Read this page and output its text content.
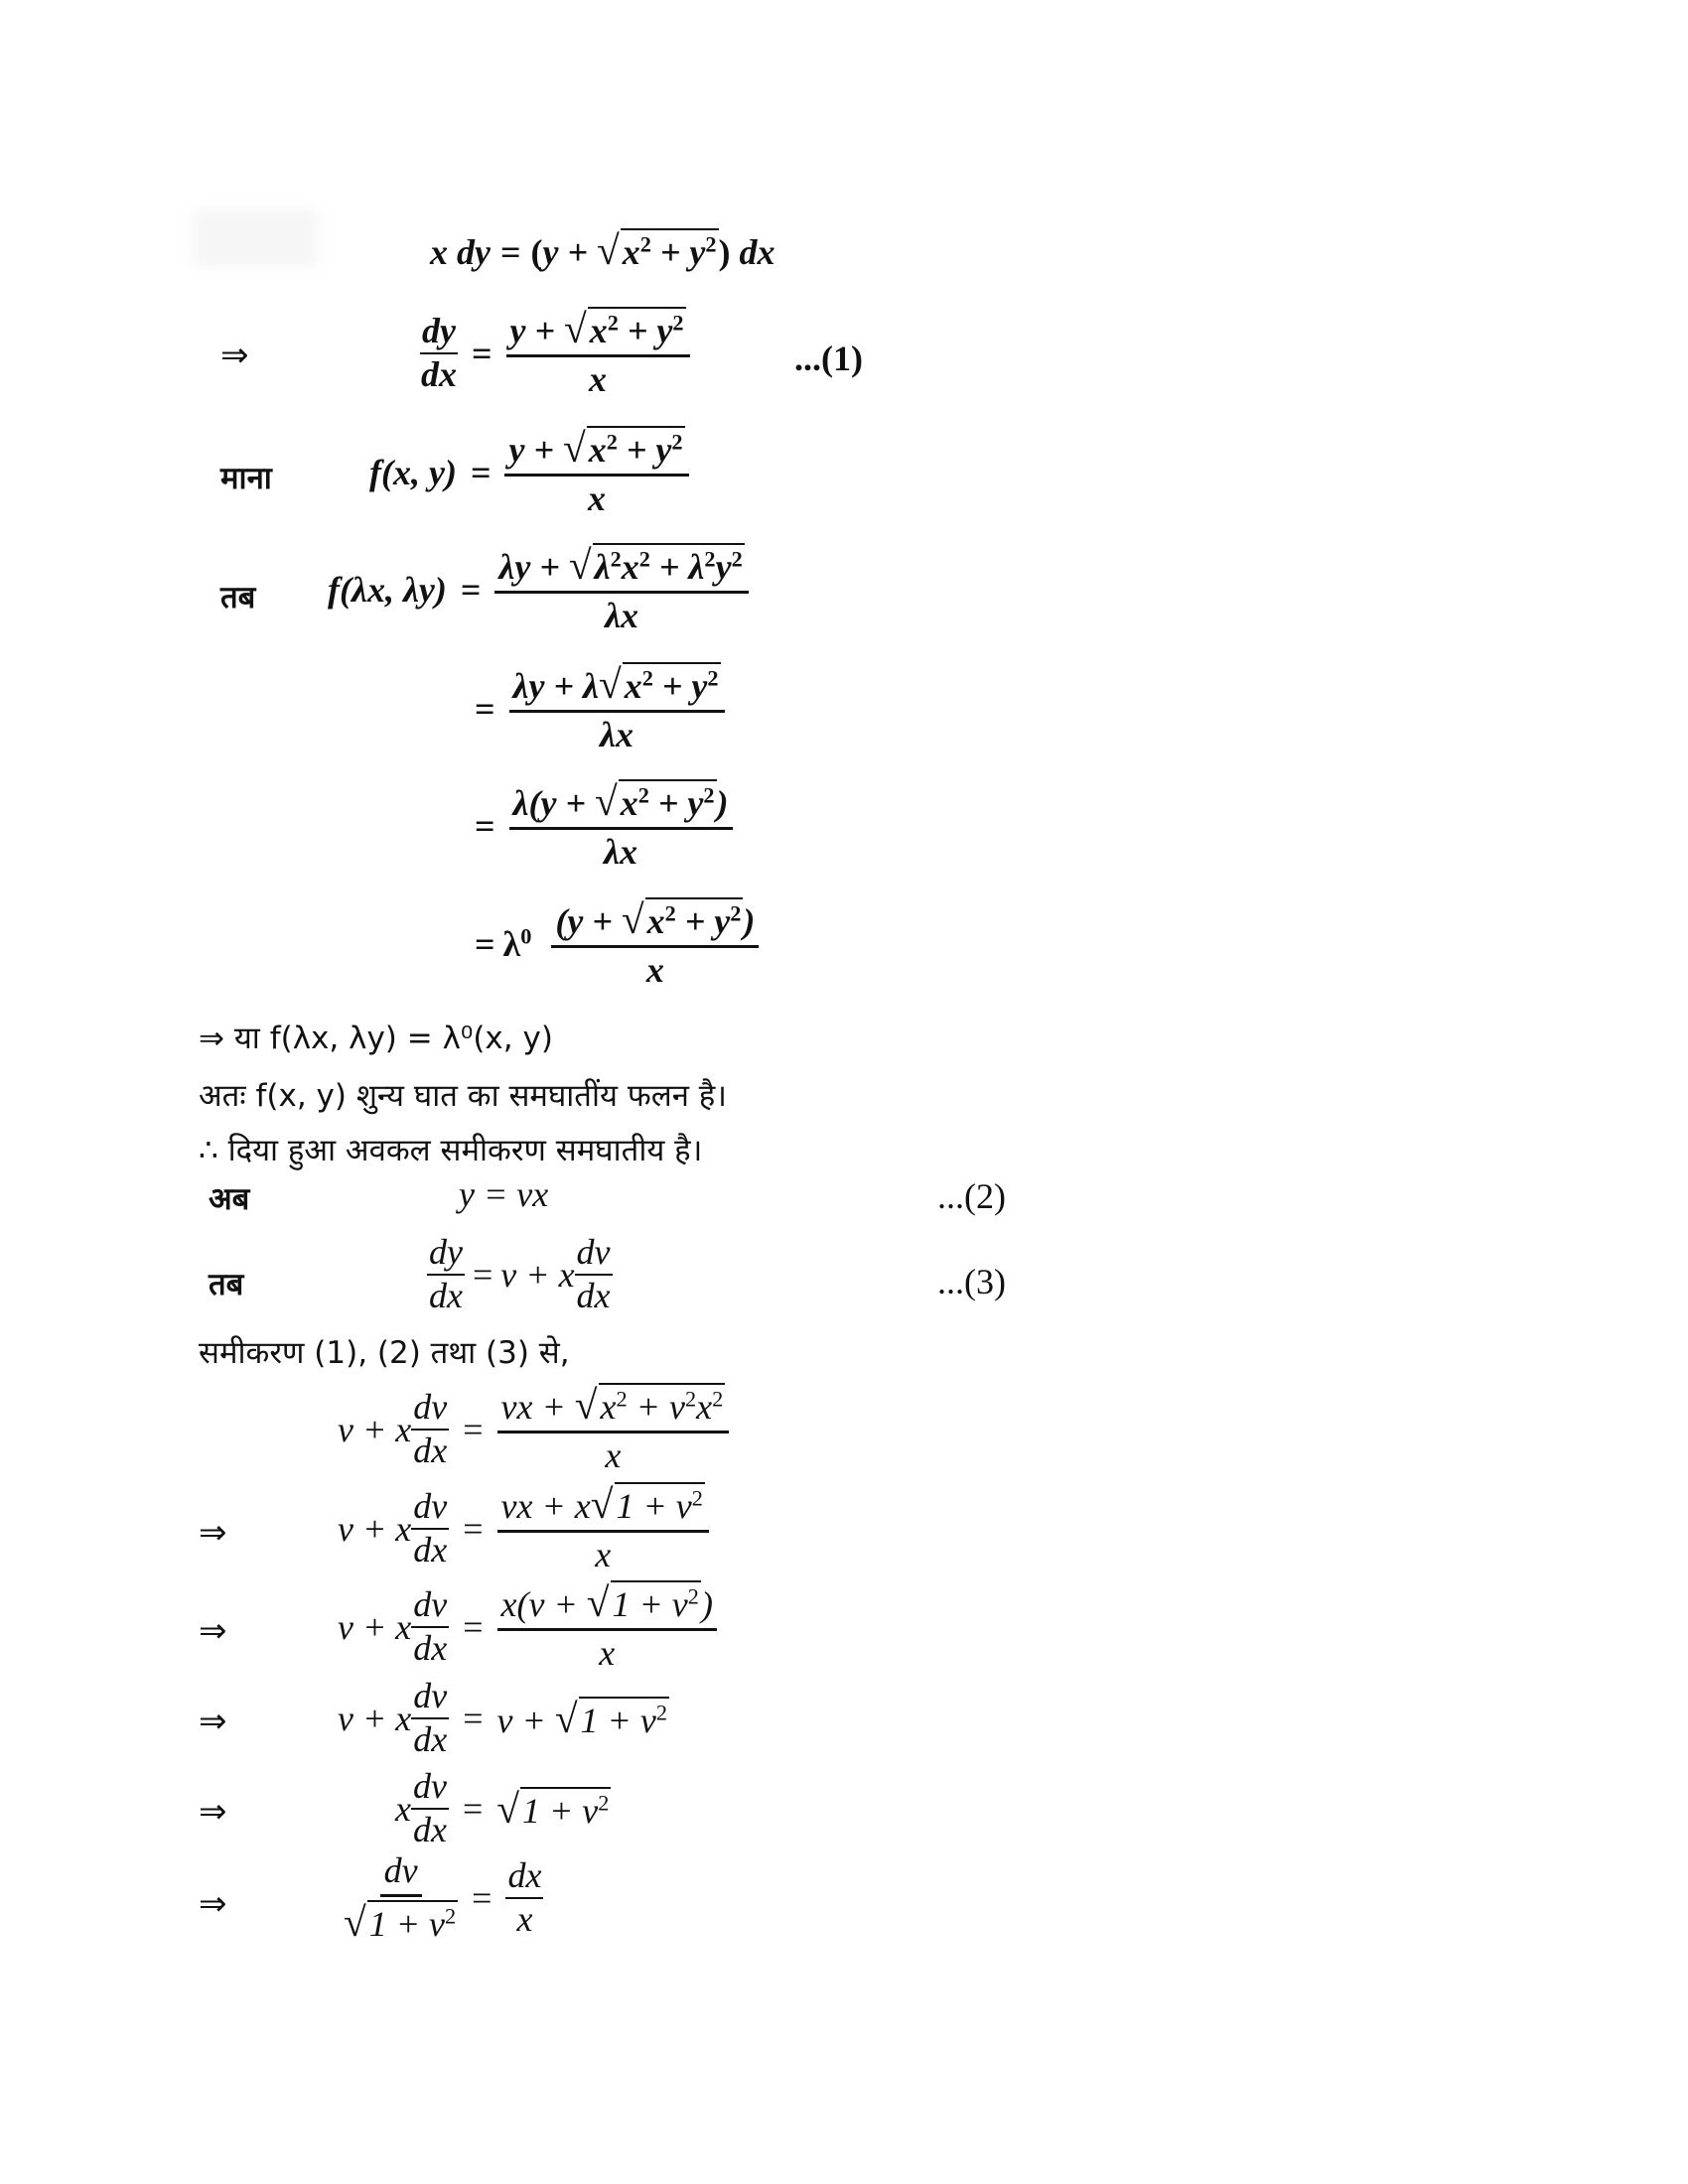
x dy = $(y + √x^2 + y^2)$ dx
⇒	$\frac{dy}{dx} = \frac{y + √x^2 + y^2}{x}$	...(1)
माना	f(x, $y) = \frac{y + √x^2 + y^2}{x}$
तब f(λx, $\lambda y) = \frac{\lambda y + √\lambda^2x^2 + \lambda^2y^2}{\lambda x}$
= $\frac{\lambda y + \lambda√x^2 + y^2}{\lambda x}$
= $\frac{\lambda(y + √x^2 + y^2)}{\lambda x}$
= $\lambda^0 \frac{(y + √x^2 + y^2)}{x}$
⇒ या f(λx, λy) = λ⁰(x, y)
अतः f(x, y) शुन्य घात का समघातींय फलन है।
∴ दिया हुआ अवकल समीकरण समघातीय है।
अब	y = vx	...(2)
तब	$\frac{dy}{dx} = v + x \frac{dv}{dx}$	...(3)
समीकरण (1), (2) तथा (3) से,
v + x $\frac{dv}{dx} = \frac{vx + √x^2 + v^2x^2}{x}$
⇒	v + x $\frac{dv}{dx} = \frac{vx + x√1 + v^2}{x}$
⇒	v + x $\frac{dv}{dx} = \frac{x(v + √1 + v^2)}{x}$
⇒	v + x $\frac{dv}{dx} = v + √1 + v^2$
⇒	x $\frac{dv}{dx} = √1 + v^2$
⇒	$\frac{dv}{√1 + v^2} = \frac{dx}{x}$
